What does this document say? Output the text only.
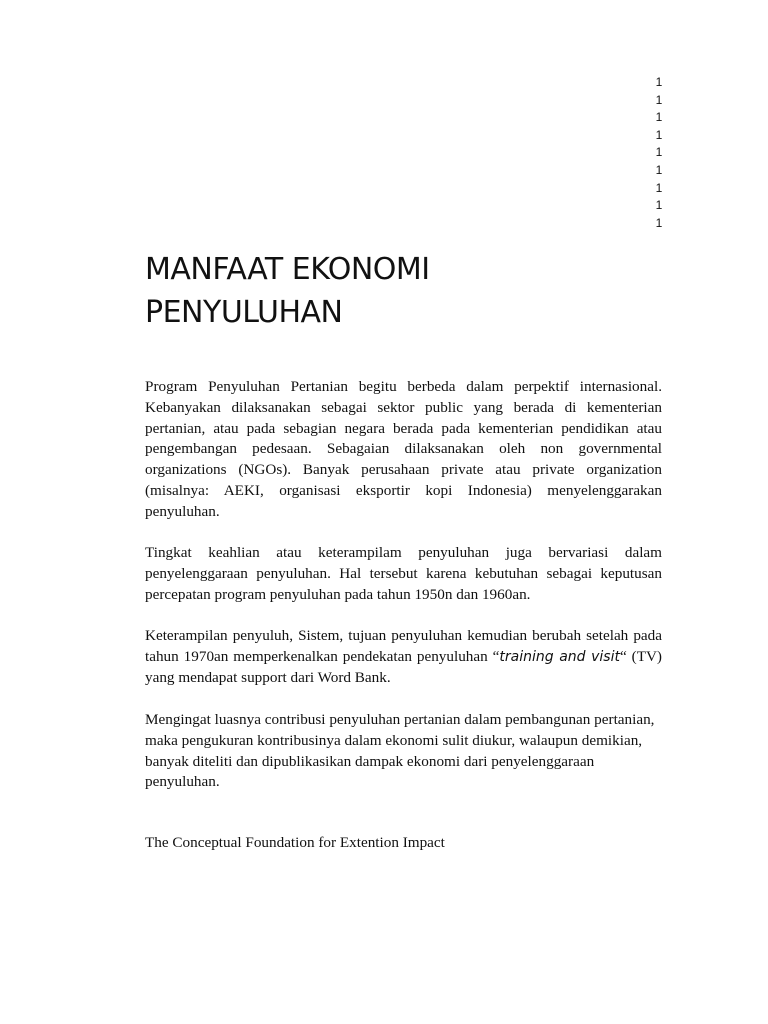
1
1
1
1
1
1
1
1
1
MANFAAT EKONOMI
PENYULUHAN

Program Penyuluhan Pertanian begitu berbeda dalam perpektif internasional. Kebanyakan dilaksanakan sebagai sektor public yang berada di kementerian pertanian, atau pada sebagian negara berada pada kementerian pendidikan atau pengembangan pedesaan. Sebagaian dilaksanakan oleh non governmental organizations (NGOs). Banyak perusahaan private atau private organization (misalnya: AEKI, organisasi eksportir kopi Indonesia) menyelenggarakan penyuluhan.

Tingkat keahlian atau keterampilam penyuluhan juga bervariasi dalam penyelenggaraan penyuluhan. Hal tersebut karena kebutuhan sebagai keputusan percepatan program penyuluhan pada tahun 1950n dan 1960an.

Keterampilan penyuluh, Sistem, tujuan penyuluhan kemudian berubah setelah pada tahun 1970an memperkenalkan pendekatan penyuluhan “training and visit“ (TV) yang mendapat support dari Word Bank.

Mengingat luasnya contribusi penyuluhan pertanian dalam pembangunan pertanian, maka pengukuran kontribusinya dalam ekonomi sulit diukur, walaupun demikian, banyak diteliti dan dipublikasikan dampak ekonomi dari penyelenggaraan penyuluhan.

The Conceptual Foundation for Extention Impact
